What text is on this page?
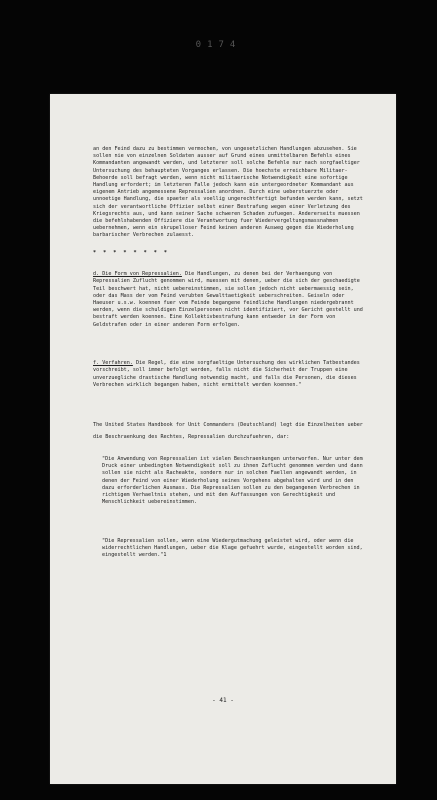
0174
an den Feind dazu zu bestimmen vermochen, von ungesetzlichen Handlungen abzusehen. Sie sollen nie von einzelnen Soldaten ausser auf Grund eines unmittelbaren Befehls eines Kommandanten angewandt werden, und letzterer soll solche Befehle nur nach sorgfaeltiger Untersuchung des behaupteten Vorganges erlassen. Die hoechste erreichbare Militaer-Behoerde soll befragt werden, wenn nicht militaerische Notwendigkeit eine sofortige Handlung erfordert; im letzteren Falle jedoch kann ein untergeordneter Kommandant aus eigenem Antrieb angemessene Repressalien anordnen. Durch eine ueberstuerzte oder unnoetige Handlung, die spaeter als voellig ungerechtfertigt befunden werden kann, setzt sich der verantwortliche Offizier selbst einer Bestrafung wegen einer Verletzung des Kriegsrechts aus, und kann seiner Sache schweren Schaden zufuegen. Andererseits muessen die befehlshabenden Offiziere die Verantwortung fuer Wiedervergeltungsmassnahmen uebernehmen, wenn ein skrupelloser Feind keinen anderen Ausweg gegen die Wiederholung barbarischer Verbrechen zulaesst.
* * * * * * * *

d. Die Form von Repressalien. Die Handlungen, zu denen bei der Verhaengung von Repressalien Zuflucht genommen wird, muessen mit denen, ueber die sich der geschaedigte Teil beschwert hat, nicht uebereinstimmen, sie sollen jedoch nicht uebermaessig sein, oder das Mass der vom Feind verubten Gewalttaetigkeit ueberschreiten. Geiseln oder Haeuser u.s.w. koennen fuer vom Feinde begangene feindliche Handlungen niedergebrannt werden, wenn die schuldigen Einzelpersonen nicht identifiziert, vor Gericht gestellt und bestraft werden koennen. Eine Kollektivbestrafung kann entweder in der Form von Geldstrafen oder in einer anderen Form erfolgen.

f. Verfahren. Die Regel, die eine sorgfaeltige Untersuchung des wirklichen Tatbestandes vorschreibt, soll immer befolgt werden, falls nicht die Sicherheit der Truppen eine unverzuegliche drastische Handlung notwendig macht, und falls die Personen, die dieses Verbrechen wirklich begangen haben, nicht ermittelt werden koennen."

The United States Handbook for Unit Commanders (Deutschland) legt die Einzelheiten ueber die Beschraenkung des Rechtes, Repressalien durchzufuehren, dar:
"Die Anwendung von Repressalien ist vielen Beschraenkungen unterworfen. Nur unter dem Druck einer unbedingten Notwendigkeit soll zu ihnen Zuflucht genommen werden und dann sollen sie nicht als Racheakte, sondern nur in solchen Faellen angewandt werden, in denen der Feind von einer Wiederholung seines Vorgehens abgehalten wird und in den dazu erforderlichen Ausmass. Die Repressalien sollen zu den begangenen Verbrechen in richtigem Verhaeltnis stehen, und mit den Auffassungen von Gerechtigkeit und Menschlichkeit uebereinstimmen.
"Die Repressalien sollen, wenn eine Wiedergutmachung geleistet wird, oder wenn die widerrechtlichen Handlungen, ueber die Klage gefuehrt wurde, eingestellt worden sind, eingestellt werden."1
- 41 -
